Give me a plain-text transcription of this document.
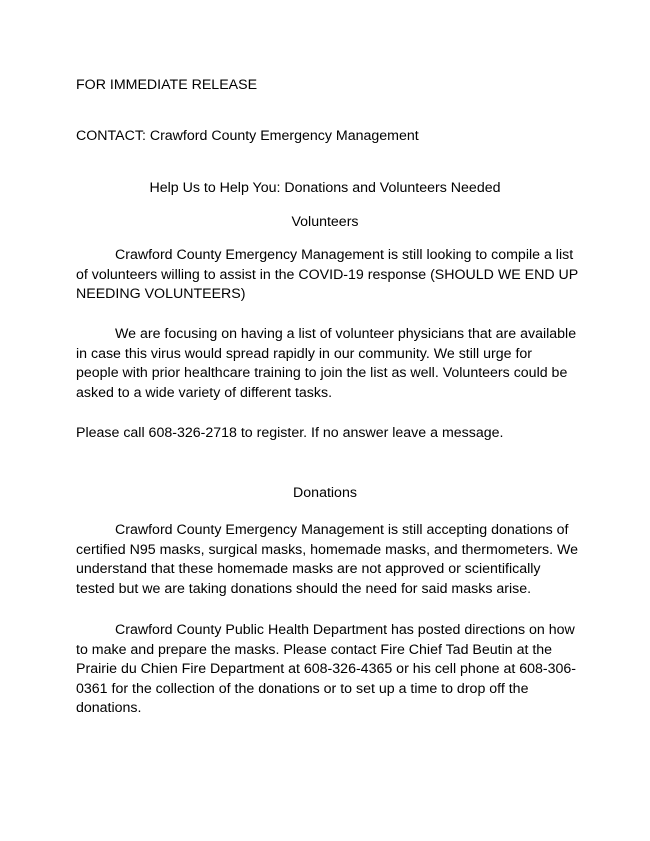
FOR IMMEDIATE RELEASE
CONTACT: Crawford County Emergency Management
Help Us to Help You: Donations and Volunteers Needed
Volunteers
Crawford County Emergency Management is still looking to compile a list of volunteers willing to assist in the COVID-19 response (SHOULD WE END UP NEEDING VOLUNTEERS)
We are focusing on having a list of volunteer physicians that are available in case this virus would spread rapidly in our community. We still urge for people with prior healthcare training to join the list as well. Volunteers could be asked to a wide variety of different tasks.
Please call 608-326-2718 to register. If no answer leave a message.
Donations
Crawford County Emergency Management is still accepting donations of certified N95 masks, surgical masks, homemade masks, and thermometers. We understand that these homemade masks are not approved or scientifically tested but we are taking donations should the need for said masks arise.
Crawford County Public Health Department has posted directions on how to make and prepare the masks. Please contact Fire Chief Tad Beutin at the Prairie du Chien Fire Department at 608-326-4365 or his cell phone at 608-306-0361 for the collection of the donations or to set up a time to drop off the donations.
